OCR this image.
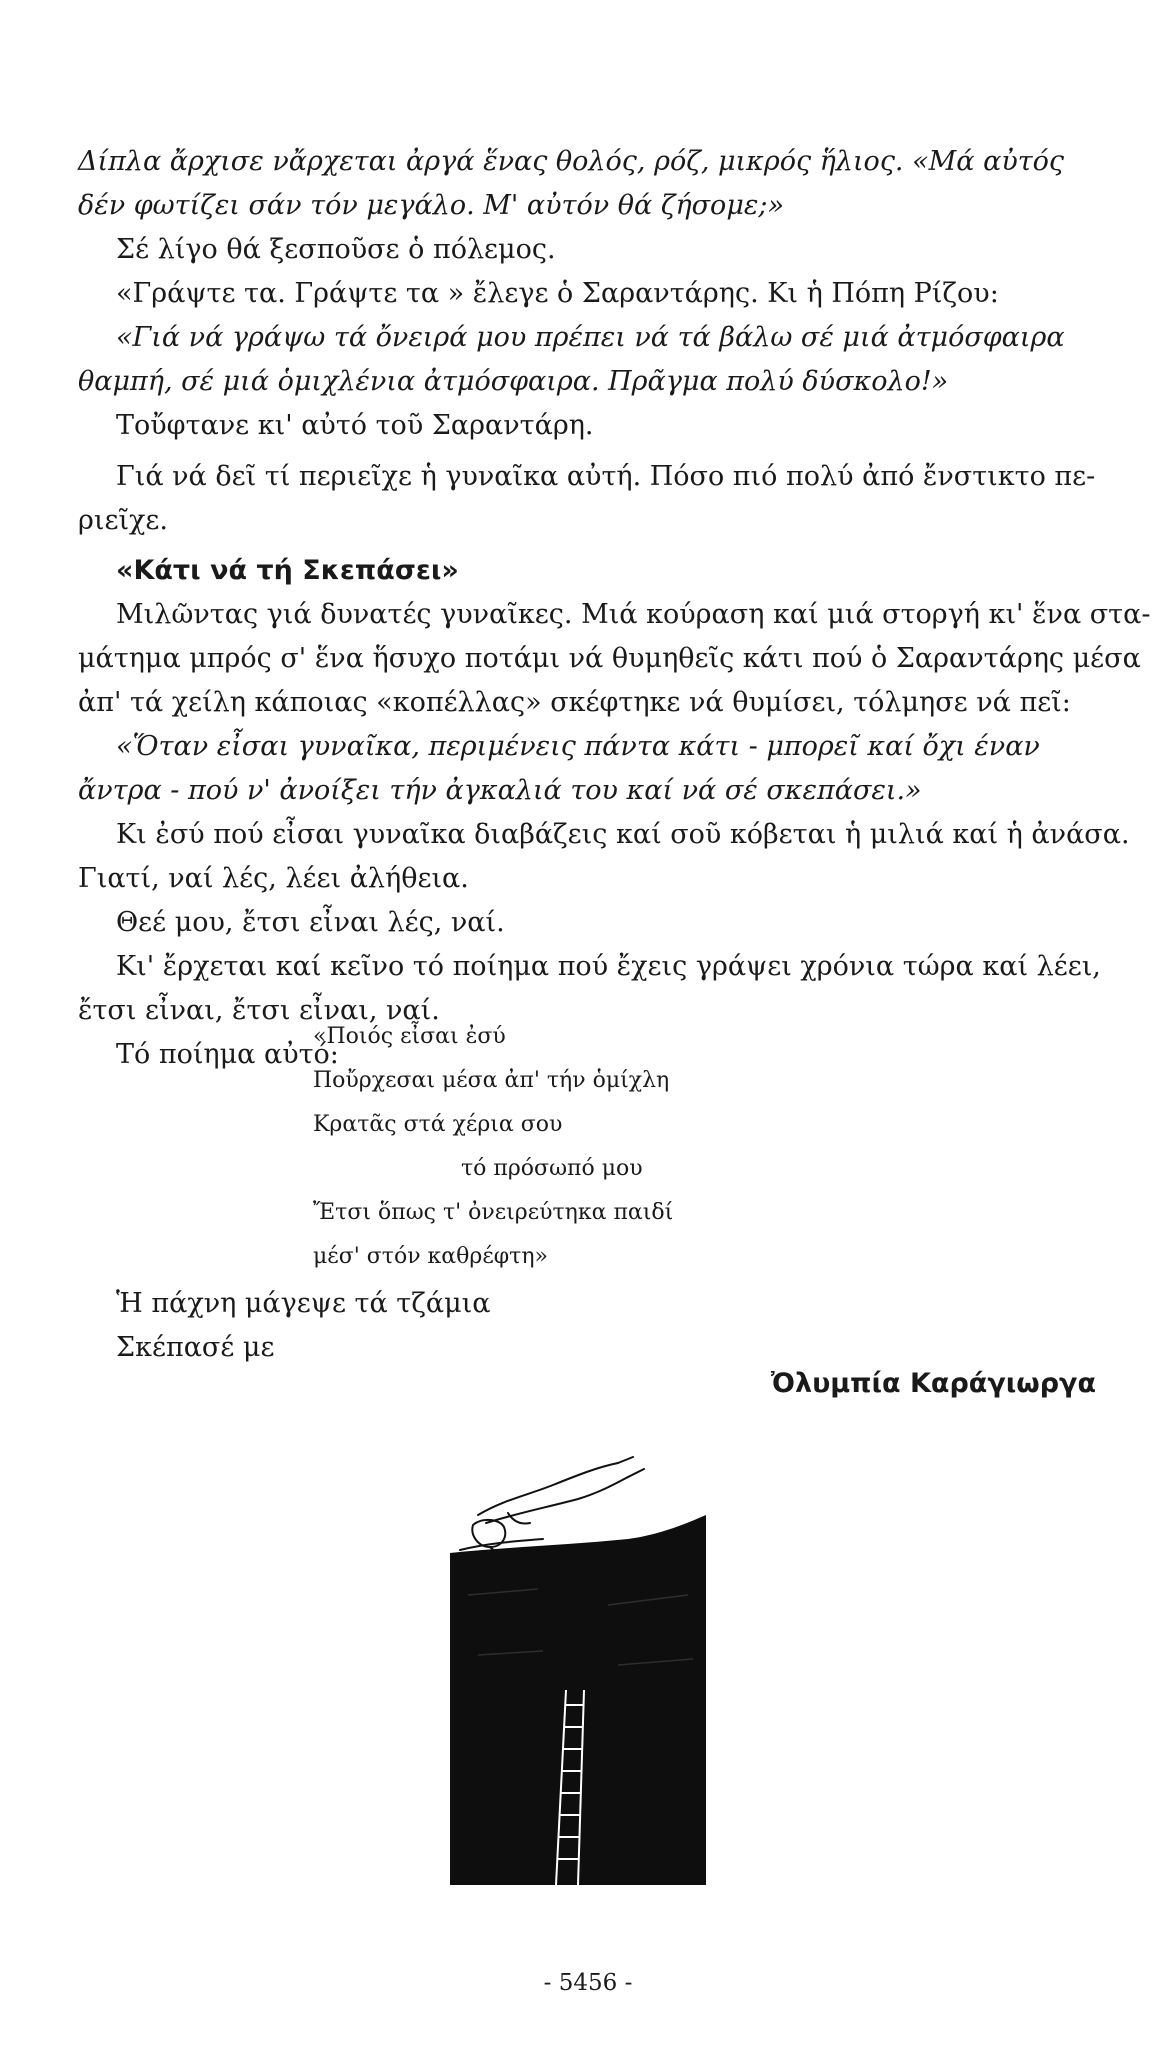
Δίπλα ἄρχισε νἄρχεται ἀργά ἕνας θολός, ρόζ, μικρός ἥλιος. «Μά αὐτός
δέν φωτίζει σάν τόν μεγάλο. Μ' αὐτόν θά ζήσομε;»
Σέ λίγο θά ξεσποῦσε ὁ πόλεμος.
«Γράψτε τα. Γράψτε τα » ἔλεγε ὁ Σαραντάρης. Κι ἡ Πόπη Ρίζου:
«Γιά νά γράψω τά ὄνειρά μου πρέπει νά τά βάλω σέ μιά ἀτμόσφαιρα
θαμπή, σέ μιά ὁμιχλένια ἀτμόσφαιρα. Πρᾶγμα πολύ δύσκολο!»
Τοὔφτανε κι' αὐτό τοῦ Σαραντάρη.
Γιά νά δεῖ τί περιεῖχε ἡ γυναῖκα αὐτή. Πόσο πιό πολύ ἀπό ἔνστικτο πε-
ριεῖχε.
«Κάτι νά τή Σκεπάσει»
Μιλῶντας γιά δυνατές γυναῖκες. Μιά κούραση καί μιά στοργή κι' ἕνα στα-
μάτημα μπρός σ' ἕνα ἥσυχο ποτάμι νά θυμηθεῖς κάτι πού ὁ Σαραντάρης μέσα
ἀπ' τά χείλη κάποιας «κοπέλλας» σκέφτηκε νά θυμίσει, τόλμησε νά πεῖ:
«Ὅταν εἶσαι γυναῖκα, περιμένεις πάντα κάτι - μπορεῖ καί ὄχι έναν
ἄντρα - πού ν' ἀνοίξει τήν ἀγκαλιά του καί νά σέ σκεπάσει.»
Κι ἐσύ πού εἶσαι γυναῖκα διαβάζεις καί σοῦ κόβεται ἡ μιλιά καί ἡ ἀνάσα.
Γιατί, ναί λές, λέει ἀλήθεια.
Θεέ μου, ἔτσι εἶναι λές, ναί.
Κι' ἔρχεται καί κεῖνο τό ποίημα πού ἔχεις γράψει χρόνια τώρα καί λέει,
ἔτσι εἶναι, ἔτσι εἶναι, ναί.
Τό ποίημα αὐτό:
«Ποιός εἶσαι ἐσύ
Ποὔρχεσαι μέσα ἀπ' τήν ὁμίχλη
Κρατᾶς στά χέρια σου
τό πρόσωπό μου
Ἔτσι ὅπως τ' ὀνειρεύτηκα παιδί
μέσ' στόν καθρέφτη»
Ἡ πάχνη μάγεψε τά τζάμια
Σκέπασέ με
Ὀλυμπία Καράγιωργα
- 5456 -
